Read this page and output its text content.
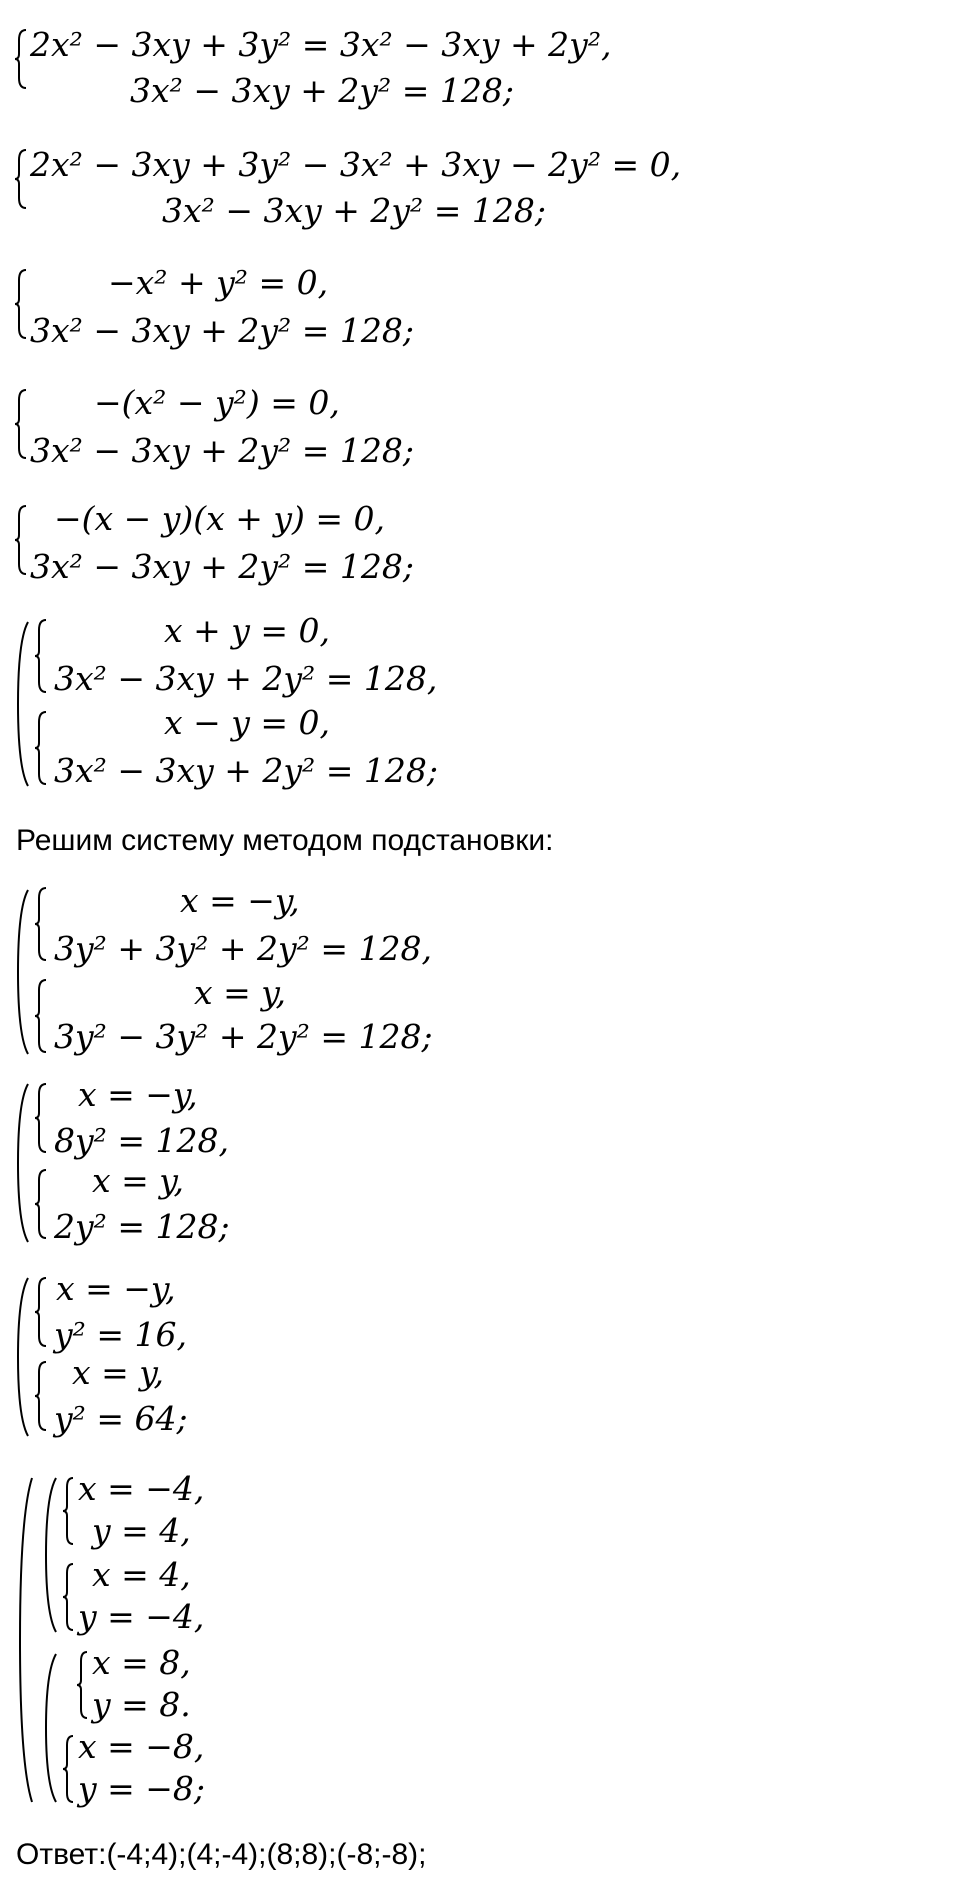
2x² − 3xy + 3y² = 3x² − 3xy + 2y²,
3x² − 3xy + 2y² = 128;
2x² − 3xy + 3y² − 3x² + 3xy − 2y² = 0,
3x² − 3xy + 2y² = 128;
−x² + y² = 0,
3x² − 3xy + 2y² = 128;
−(x² − y²) = 0,
3x² − 3xy + 2y² = 128;
−(x − y)(x + y) = 0,
3x² − 3xy + 2y² = 128;
x + y = 0,
3x² − 3xy + 2y² = 128,
x − y = 0,
3x² − 3xy + 2y² = 128;
Решим систему методом подстановки:
x = −y,
3y² + 3y² + 2y² = 128,
x = y,
3y² − 3y² + 2y² = 128;
x = −y,
8y² = 128,
x = y,
2y² = 128;
x = −y,
y² = 16,
x = y,
y² = 64;
x = −4,
y = 4,
x = 4,
y = −4,
x = 8,
y = 8.
x = −8,
y = −8;
Ответ:(-4;4);(4;-4);(8;8);(-8;-8);
